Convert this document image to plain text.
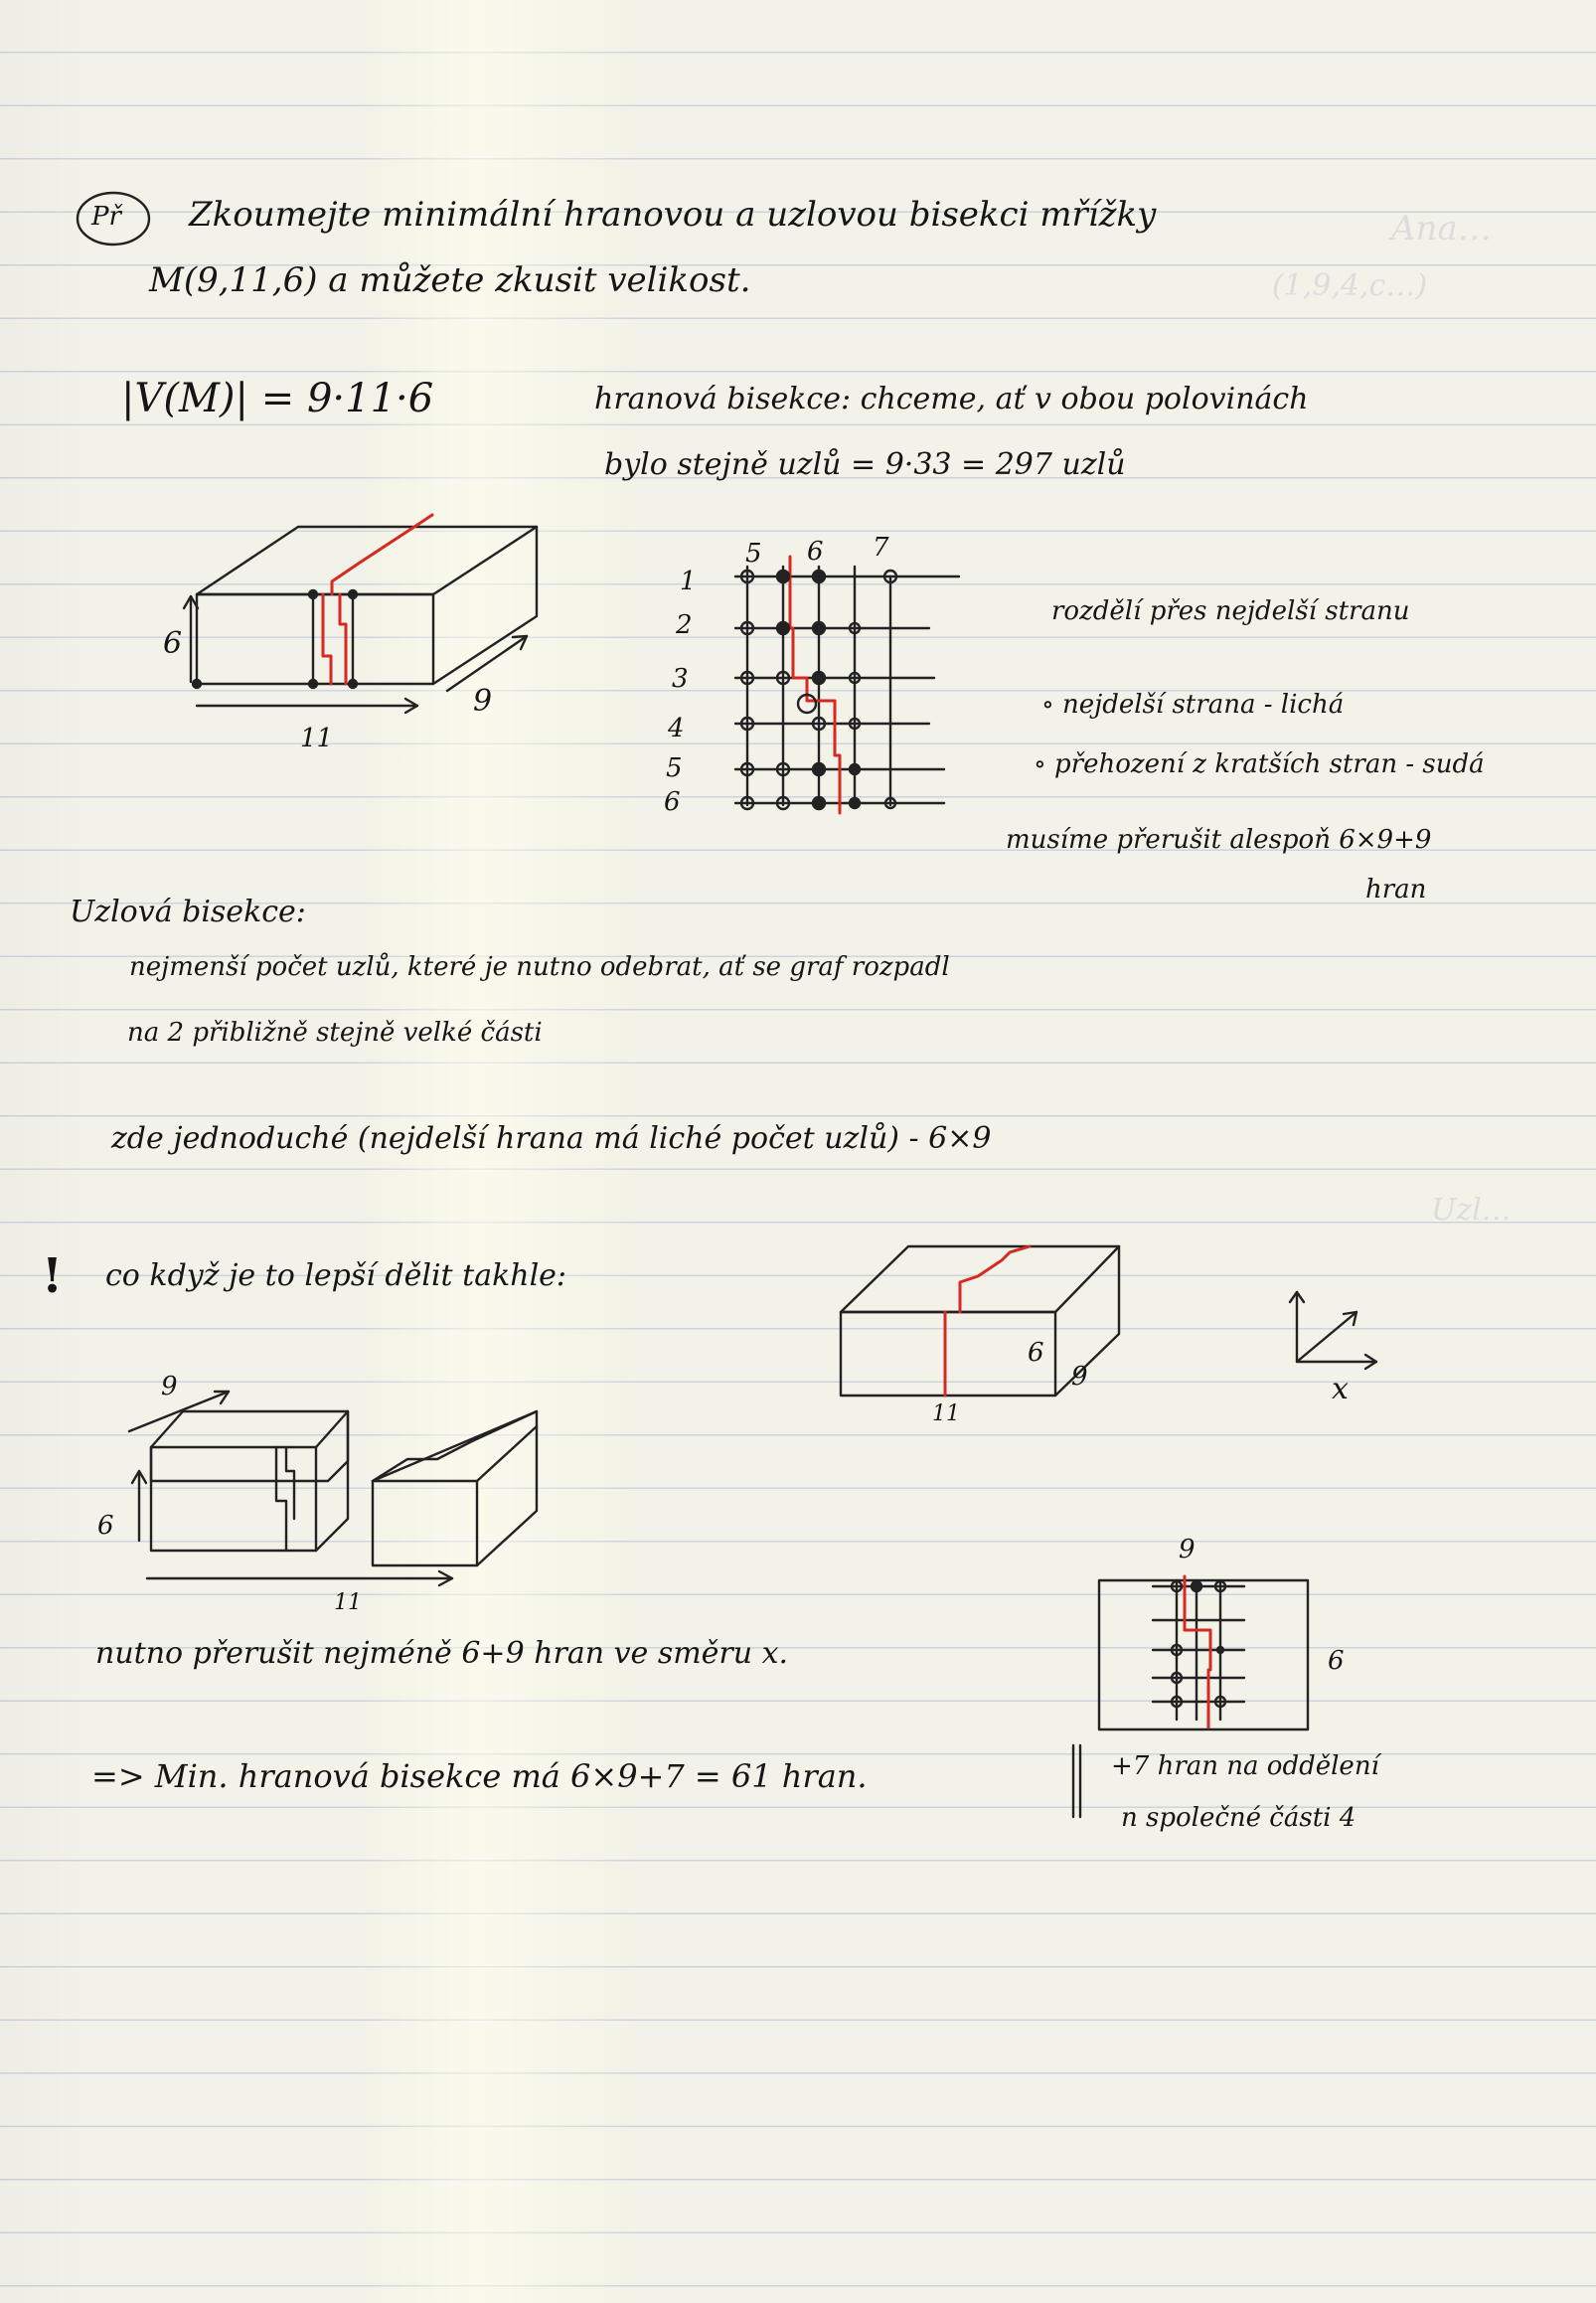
Ana…
(1,9,4,c…)
Uzl…
Př Zkoumejte minimální hranovou a uzlovou bisekci mřížky
M(9,11,6) a můžete zkusit velikost.
|V(M)| = 9·11·6	hranová bisekce: chceme, ať v obou polovinách
bylo stejně uzlů = 9·33 = 297 uzlů
6
9
11
5 6 7
1
2
3
4
5
6
rozdělí přes nejdelší stranu
∘ nejdelší strana - lichá
∘ přehození z kratších stran - sudá
musíme přerušit alespoň 6×9+9
hran
Uzlová bisekce:
nejmenší počet uzlů, které je nutno odebrat, ať se graf rozpadl
na 2 přibližně stejně velké části
zde jednoduché (nejdelší hrana má liché počet uzlů) - 6×9
! co když je to lepší dělit takhle:
9
6
11
x
9
6
11
nutno přerušit nejméně 6+9 hran ve směru x.
9
6
=> Min. hranová bisekce má 6×9+7 = 61 hran.	+7 hran na oddělení
n společné části 4
